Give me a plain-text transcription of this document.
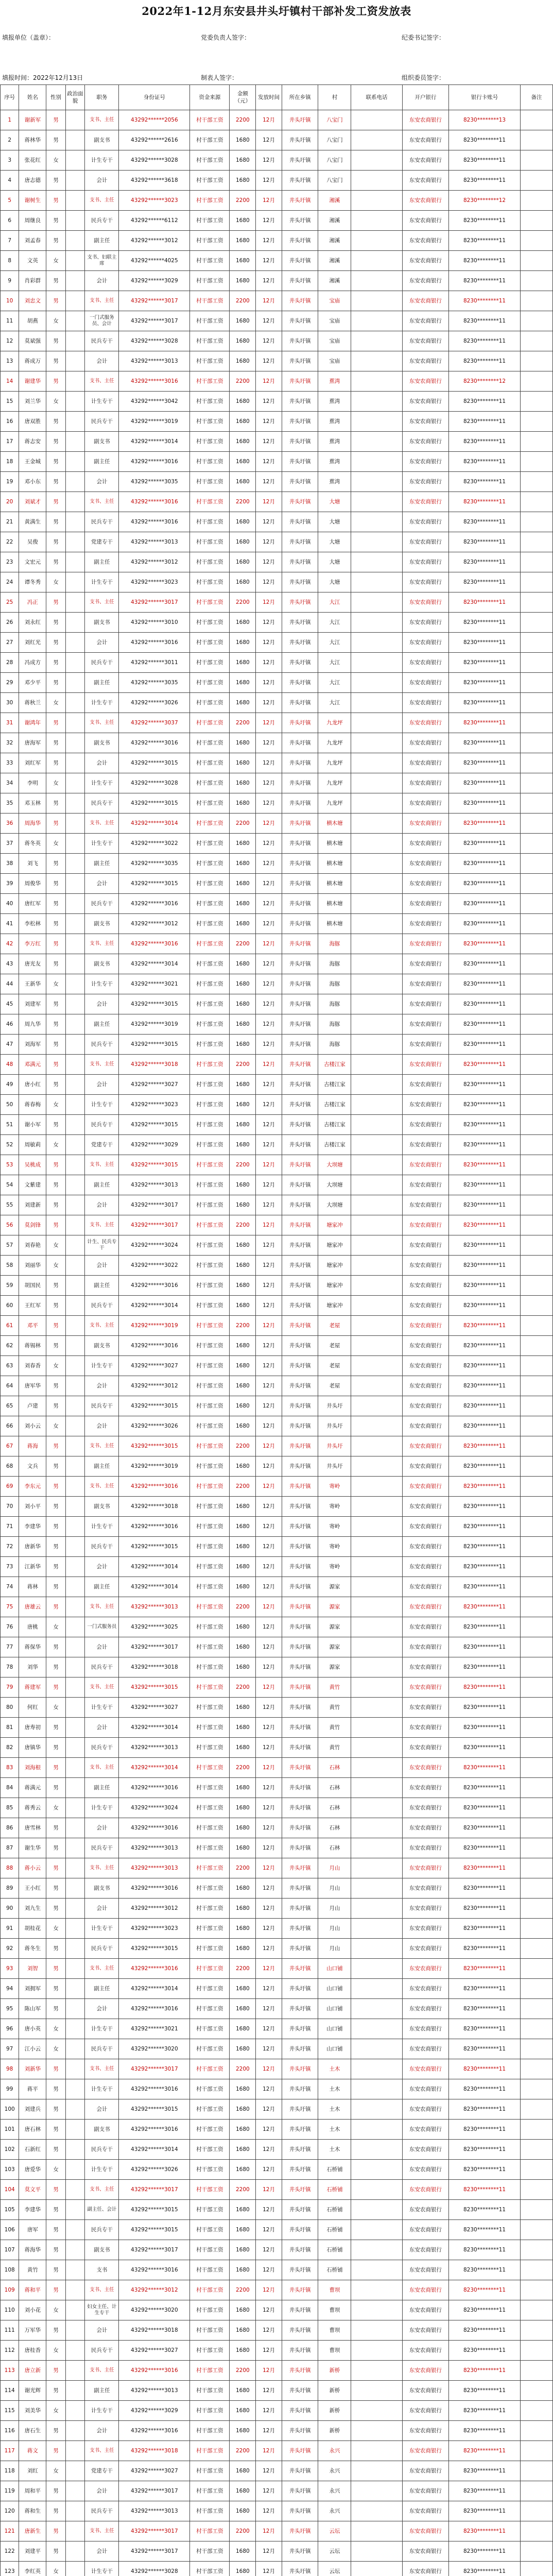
2022年1-12月东安县井头圩镇村干部补发工资发放表
填报单位（盖章）：	党委负责人签字：	纪委书记签字：
填报时间：2022年12月13日	制表人签字：	组织委员签字：
序号	姓名	性别	政治面貌	职务	身份证号	资金来源	金额（元）	发放时间	所在乡镇	村	联系电话	开户银行	银行卡账号	备注
1	谢新军	男		支书、主任	43292******2056	村干部工资	2200	12月	井头圩镇	八宝门		东安农商银行	8230********13	
2	蒋林华	男		副支书	43292******2616	村干部工资	1680	12月	井头圩镇	八宝门		东安农商银行	8230********11	
3	张花红	女		计生专干	43292******3028	村干部工资	1680	12月	井头圩镇	八宝门		东安农商银行	8230********11	
4	唐志德	男		会计	43292******3618	村干部工资	1680	12月	井头圩镇	八宝门		东安农商银行	8230********11	
5	谢树生	男		支书、主任	43292******3023	村干部工资	2200	12月	井头圩镇	湘溪		东安农商银行	8230********12	
6	周继良	男		民兵专干	43292******6112	村干部工资	1680	12月	井头圩镇	湘溪		东安农商银行	8230********11	
7	刘孟春	男		副主任	43292******3012	村干部工资	1680	12月	井头圩镇	湘溪		东安农商银行	8230********11	
8	文英	女		支书、妇联主席	43292******4025	村干部工资	1680	12月	井头圩镇	湘溪		东安农商银行	8230********11	
9	肖彩群	男		会计	43292******3029	村干部工资	1680	12月	井头圩镇	湘溪		东安农商银行	8230********11	
10	刘忠文	男		支书、主任	43292******3017	村干部工资	2200	12月	井头圩镇	宝庙		东安农商银行	8230********11	
11	胡燕	女		一门式服务员、会计	43292******3017	村干部工资	1680	12月	井头圩镇	宝庙		东安农商银行	8230********11	
12	莫斌强	男		民兵专干	43292******3028	村干部工资	1680	12月	井头圩镇	宝庙		东安农商银行	8230********11	
13	蒋成万	男		会计	43292******3013	村干部工资	1680	12月	井头圩镇	宝庙		东安农商银行	8230********11	
14	谢建华	男		支书、主任	43292******3016	村干部工资	2200	12月	井头圩镇	蕉湾		东安农商银行	8230********12	
15	刘兰华	女		计生专干	43292******3042	村干部工资	1680	12月	井头圩镇	蕉湾		东安农商银行	8230********11	
16	唐双胜	男		民兵专干	43292******3019	村干部工资	1680	12月	井头圩镇	蕉湾		东安农商银行	8230********11	
17	蒋志安	男		副支书	43292******3014	村干部工资	1680	12月	井头圩镇	蕉湾		东安农商银行	8230********11	
18	王金城	男		副主任	43292******3016	村干部工资	1680	12月	井头圩镇	蕉湾		东安农商银行	8230********11	
19	邓小东	男		会计	43292******3035	村干部工资	1680	12月	井头圩镇	蕉湾		东安农商银行	8230********11	
20	刘斌才	男		支书、主任	43292******3016	村干部工资	2200	12月	井头圩镇	大塘		东安农商银行	8230********11	
21	黄满生	男		民兵专干	43292******3016	村干部工资	1680	12月	井头圩镇	大塘		东安农商银行	8230********11	
22	吴俊	男		党建专干	43292******3013	村干部工资	1680	12月	井头圩镇	大塘		东安农商银行	8230********11	
23	文宏元	男		副主任	43292******3012	村干部工资	1680	12月	井头圩镇	大塘		东安农商银行	8230********11	
24	谭冬秀	女		计生专干	43292******3023	村干部工资	1680	12月	井头圩镇	大塘		东安农商银行	8230********11	
25	冯正	男		支书、主任	43292******3017	村干部工资	2200	12月	井头圩镇	大江		东安农商银行	8230********11	
26	刘永红	男		副支书	43292******3010	村干部工资	1680	12月	井头圩镇	大江		东安农商银行	8230********11	
27	刘红光	男		会计	43292******3016	村干部工资	1680	12月	井头圩镇	大江		东安农商银行	8230********11	
28	冯成方	男		民兵专干	43292******3011	村干部工资	1680	12月	井头圩镇	大江		东安农商银行	8230********11	
29	邓少平	男		副主任	43292******3035	村干部工资	1680	12月	井头圩镇	大江		东安农商银行	8230********11	
30	蒋秋兰	女		计生专干	43292******3026	村干部工资	1680	12月	井头圩镇	大江		东安农商银行	8230********11	
31	谢鸿年	男		支书、主任	43292******3037	村干部工资	2200	12月	井头圩镇	九龙坪		东安农商银行	8230********11	
32	唐海军	男		副支书	43292******3016	村干部工资	1680	12月	井头圩镇	九龙坪		东安农商银行	8230********11	
33	刘红军	男		会计	43292******3015	村干部工资	1680	12月	井头圩镇	九龙坪		东安农商银行	8230********11	
34	李明	女		计生专干	43292******3028	村干部工资	1680	12月	井头圩镇	九龙坪		东安农商银行	8230********11	
35	邓玉林	男		民兵专干	43292******3015	村干部工资	1680	12月	井头圩镇	九龙坪		东安农商银行	8230********11	
36	周海华	男		支书、主任	43292******3014	村干部工资	2200	12月	井头圩镇	横木塘		东安农商银行	8230********11	
37	蒋冬英	女		计生专干	43292******3022	村干部工资	1680	12月	井头圩镇	横木塘		东安农商银行	8230********11	
38	刘飞	男		副主任	43292******3035	村干部工资	1680	12月	井头圩镇	横木塘		东安农商银行	8230********11	
39	周俊华	男		会计	43292******3015	村干部工资	1680	12月	井头圩镇	横木塘		东安农商银行	8230********11	
40	唐红军	男		民兵专干	43292******3016	村干部工资	1680	12月	井头圩镇	横木塘		东安农商银行	8230********11	
41	李松林	男		副支书	43292******3012	村干部工资	1680	12月	井头圩镇	横木塘		东安农商银行	8230********11	
42	李万红	男		支书、主任	43292******3016	村干部工资	2200	12月	井头圩镇	海豚		东安农商银行	8230********11	
43	唐光友	男		副支书	43292******3014	村干部工资	1680	12月	井头圩镇	海豚		东安农商银行	8230********11	
44	王新华	女		计生专干	43292******3021	村干部工资	1680	12月	井头圩镇	海豚		东安农商银行	8230********11	
45	刘建军	男		会计	43292******3015	村干部工资	1680	12月	井头圩镇	海豚		东安农商银行	8230********11	
46	周九华	男		副主任	43292******3019	村干部工资	1680	12月	井头圩镇	海豚		东安农商银行	8230********11	
47	刘海军	男		民兵专干	43292******3015	村干部工资	1680	12月	井头圩镇	海豚		东安农商银行	8230********11	
48	邓满元	男		支书、主任	43292******3018	村干部工资	2200	12月	井头圩镇	古楼江家		东安农商银行	8230********11	
49	唐小红	男		会计	43292******3027	村干部工资	1680	12月	井头圩镇	古楼江家		东安农商银行	8230********11	
50	蒋春梅	女		计生专干	43292******3023	村干部工资	1680	12月	井头圩镇	古楼江家		东安农商银行	8230********11	
51	谢小军	男		民兵专干	43292******3015	村干部工资	1680	12月	井头圩镇	古楼江家		东安农商银行	8230********11	
52	周敏莉	女		党建专干	43292******3029	村干部工资	1680	12月	井头圩镇	古楼江家		东安农商银行	8230********11	
53	吴桃成	男		支书、主任	43292******3015	村干部工资	2200	12月	井头圩镇	大坝塘		东安农商银行	8230********11	
54	文紫建	男		副主任	43292******3013	村干部工资	1680	12月	井头圩镇	大坝塘		东安农商银行	8230********11	
55	刘建新	男		会计	43292******3017	村干部工资	1680	12月	井头圩镇	大坝塘		东安农商银行	8230********11	
56	莫剑锋	男		支书、主任	43292******3017	村干部工资	2200	12月	井头圩镇	塘家冲		东安农商银行	8230********11	
57	刘春艳	女		计生、民兵专干	43292******3024	村干部工资	1680	12月	井头圩镇	塘家冲		东安农商银行	8230********11	
58	刘丽华	女		会计	43292******3022	村干部工资	1680	12月	井头圩镇	塘家冲		东安农商银行	8230********11	
59	胡国民	男		副主任	43292******3016	村干部工资	1680	12月	井头圩镇	塘家冲		东安农商银行	8230********11	
60	王红军	男		民兵专干	43292******3014	村干部工资	1680	12月	井头圩镇	塘家冲		东安农商银行	8230********11	
61	邓平	男		支书、主任	43292******3019	村干部工资	2200	12月	井头圩镇	老屋		东安农商银行	8230********11	
62	蒋锡林	男		副支书	43292******3016	村干部工资	1680	12月	井头圩镇	老屋		东安农商银行	8230********11	
63	刘春香	女		计生专干	43292******3027	村干部工资	1680	12月	井头圩镇	老屋		东安农商银行	8230********11	
64	唐军华	男		会计	43292******3012	村干部工资	1680	12月	井头圩镇	老屋		东安农商银行	8230********11	
65	卢建	男		民兵专干	43292******3015	村干部工资	1680	12月	井头圩镇	井头圩		东安农商银行	8230********11	
66	刘小云	女		会计	43292******3026	村干部工资	1680	12月	井头圩镇	井头圩		东安农商银行	8230********11	
67	蒋海	男		支书、主任	43292******3015	村干部工资	2200	12月	井头圩镇	井头圩		东安农商银行	8230********11	
68	文兵	男		副主任	43292******3019	村干部工资	1680	12月	井头圩镇	井头圩		东安农商银行	8230********11	
69	李东元	男		支书、主任	43292******3016	村干部工资	2200	12月	井头圩镇	寄岭		东安农商银行	8230********11	
70	刘小平	男		副支书	43292******3018	村干部工资	1680	12月	井头圩镇	寄岭		东安农商银行	8230********11	
71	李建华	男		计生专干	43292******3016	村干部工资	1680	12月	井头圩镇	寄岭		东安农商银行	8230********11	
72	唐新华	男		民兵专干	43292******3015	村干部工资	1680	12月	井头圩镇	寄岭		东安农商银行	8230********11	
73	江新华	男		会计	43292******3014	村干部工资	1680	12月	井头圩镇	寄岭		东安农商银行	8230********11	
74	蒋林	男		副主任	43292******3014	村干部工资	1680	12月	井头圩镇	源家		东安农商银行	8230********11	
75	唐雄云	男		支书、主任	43292******3013	村干部工资	2200	12月	井头圩镇	源家		东安农商银行	8230********11	
76	唐桃	女		一门式服务员	43292******3025	村干部工资	1680	12月	井头圩镇	源家		东安农商银行	8230********11	
77	蒋保华	男		会计	43292******3017	村干部工资	1680	12月	井头圩镇	源家		东安农商银行	8230********11	
78	刘华	男		民兵专干	43292******3018	村干部工资	1680	12月	井头圩镇	源家		东安农商银行	8230********11	
79	蒋建军	男		支书、主任	43292******3015	村干部工资	2200	12月	井头圩镇	黄竹		东安农商银行	8230********11	
80	何红	女		计生专干	43292******3027	村干部工资	1680	12月	井头圩镇	黄竹		东安农商银行	8230********11	
81	唐寿初	男		会计	43292******3014	村干部工资	1680	12月	井头圩镇	黄竹		东安农商银行	8230********11	
82	唐镇华	男		民兵专干	43292******3013	村干部工资	1680	12月	井头圩镇	黄竹		东安农商银行	8230********11	
83	刘海根	男		支书、主任	43292******3014	村干部工资	2200	12月	井头圩镇	石林		东安农商银行	8230********11	
84	蒋满元	男		副主任	43292******3016	村干部工资	1680	12月	井头圩镇	石林		东安农商银行	8230********11	
85	蒋秀云	女		计生专干	43292******3024	村干部工资	1680	12月	井头圩镇	石林		东安农商银行	8230********11	
86	唐雪林	男		会计	43292******3016	村干部工资	1680	12月	井头圩镇	石林		东安农商银行	8230********11	
87	谢生华	男		民兵专干	43292******3013	村干部工资	1680	12月	井头圩镇	石林		东安农商银行	8230********11	
88	蒋小云	男		支书、主任	43292******3013	村干部工资	2200	12月	井头圩镇	月山		东安农商银行	8230********11	
89	王小红	男		副支书	43292******3016	村干部工资	1680	12月	井头圩镇	月山		东安农商银行	8230********11	
90	刘九生	男		会计	43292******3012	村干部工资	1680	12月	井头圩镇	月山		东安农商银行	8230********11	
91	胡桂花	女		计生专干	43292******3023	村干部工资	1680	12月	井头圩镇	月山		东安农商银行	8230********11	
92	蒋冬生	男		民兵专干	43292******3015	村干部工资	1680	12月	井头圩镇	月山		东安农商银行	8230********11	
93	刘智	男		支书、主任	43292******3016	村干部工资	2200	12月	井头圩镇	山口铺		东安农商银行	8230********11	
94	刘拥军	男		副主任	43292******3014	村干部工资	1680	12月	井头圩镇	山口铺		东安农商银行	8230********11	
95	陈山军	男		会计	43292******3016	村干部工资	1680	12月	井头圩镇	山口铺		东安农商银行	8230********11	
96	唐小英	女		计生专干	43292******3021	村干部工资	1680	12月	井头圩镇	山口铺		东安农商银行	8230********11	
97	江小云	女		民兵专干	43292******3020	村干部工资	1680	12月	井头圩镇	山口铺		东安农商银行	8230********11	
98	刘新华	男		支书、主任	43292******3017	村干部工资	2200	12月	井头圩镇	土木		东安农商银行	8230********11	
99	蒋平	男		计生专干	43292******3016	村干部工资	1680	12月	井头圩镇	土木		东安农商银行	8230********11	
100	刘建兵	男		会计	43292******3015	村干部工资	1680	12月	井头圩镇	土木		东安农商银行	8230********11	
101	唐石林	男		副支书	43292******3016	村干部工资	1680	12月	井头圩镇	土木		东安农商银行	8230********11	
102	石新红	男		民兵专干	43292******3014	村干部工资	1680	12月	井头圩镇	土木		东安农商银行	8230********11	
103	唐爱华	女		计生专干	43292******3026	村干部工资	1680	12月	井头圩镇	石桥铺		东安农商银行	8230********11	
104	莫文平	男		支书、主任	43292******3017	村干部工资	2200	12月	井头圩镇	石桥铺		东安农商银行	8230********11	
105	李建华	男		副主任、会计	43292******3015	村干部工资	1680	12月	井头圩镇	石桥铺		东安农商银行	8230********11	
106	唐军	男		民兵专干	43292******3015	村干部工资	1680	12月	井头圩镇	石桥铺		东安农商银行	8230********11	
107	蒋海华	男		副支书	43292******3017	村干部工资	1680	12月	井头圩镇	石桥铺		东安农商银行	8230********11	
108	黄竹	男		支书	43292******3016	村干部工资	1680	12月	井头圩镇	石桥铺		东安农商银行	8230********11	
109	蒋和平	男		支书、主任	43292******3012	村干部工资	2200	12月	井头圩镇	曹坝		东安农商银行	8230********11	
110	刘小花	女		妇女主任、计生专干	43292******3020	村干部工资	1680	12月	井头圩镇	曹坝		东安农商银行	8230********11	
111	万军华	男		会计	43292******3018	村干部工资	1680	12月	井头圩镇	曹坝		东安农商银行	8230********11	
112	唐桂香	女		民兵专干	43292******3027	村干部工资	1680	12月	井头圩镇	曹坝		东安农商银行	8230********11	
113	唐立新	男		支书、主任	43292******3016	村干部工资	2200	12月	井头圩镇	新桥		东安农商银行	8230********11	
114	谢光辉	男		副主任	43292******3013	村干部工资	1680	12月	井头圩镇	新桥		东安农商银行	8230********11	
115	刘美华	女		计生专干	43292******3029	村干部工资	1680	12月	井头圩镇	新桥		东安农商银行	8230********11	
116	唐石生	男		会计	43292******3016	村干部工资	1680	12月	井头圩镇	新桥		东安农商银行	8230********11	
117	蒋文	男		支书、主任	43292******3018	村干部工资	2200	12月	井头圩镇	永兴		东安农商银行	8230********11	
118	刘红	女		党建专干	43292******3027	村干部工资	1680	12月	井头圩镇	永兴		东安农商银行	8230********11	
119	周和平	男		会计	43292******3017	村干部工资	1680	12月	井头圩镇	永兴		东安农商银行	8230********11	
120	蒋和生	男		民兵专干	43292******3013	村干部工资	1680	12月	井头圩镇	永兴		东安农商银行	8230********11	
121	唐新生	男		支书、主任	43292******3017	村干部工资	2200	12月	井头圩镇	云坛		东安农商银行	8230********11	
122	刘建平	男		会计	43292******3017	村干部工资	1680	12月	井头圩镇	云坛		东安农商银行	8230********11	
123	李红英	女		计生专干	43292******3028	村干部工资	1680	12月	井头圩镇	云坛		东安农商银行	8230********11	
